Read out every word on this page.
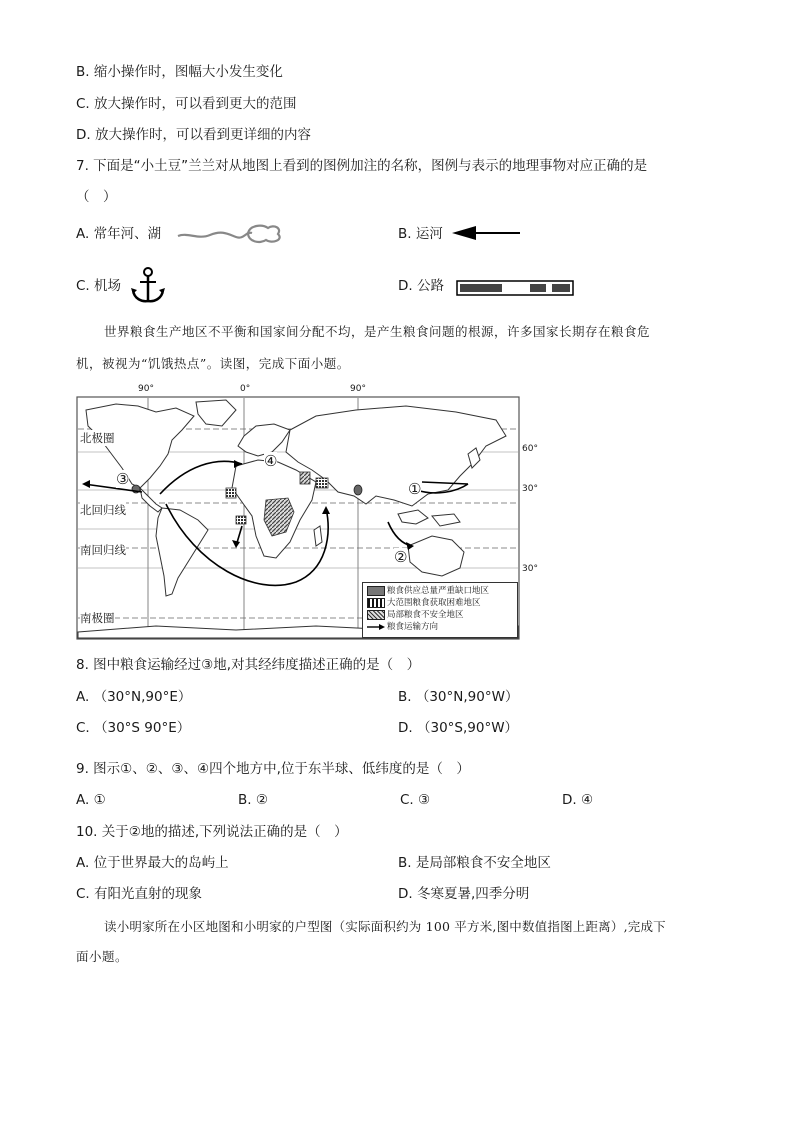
B. 缩小操作时，图幅大小发生变化
C. 放大操作时，可以看到更大的范围
D. 放大操作时，可以看到更详细的内容
7. 下面是“小土豆”兰兰对从地图上看到的图例加注的名称，图例与表示的地理事物对应正确的是
（　）
A. 常年河、湖	B. 运河
C. 机场	D. 公路
世界粮食生产地区不平衡和国家间分配不均，是产生粮食问题的根源，许多国家长期存在粮食危
机，被视为“饥饿热点”。读图，完成下面小题。
90°	0°	90°
60°
30°
30°
北极圈
北回归线
南回归线
南极圈
①
②
③
④
粮食供应总量严重缺口地区
大范围粮食获取困难地区
局部粮食不安全地区
粮食运输方向
8. 图中粮食运输经过③地,对其经纬度描述正确的是（　）
A. （30°N,90°E）	B. （30°N,90°W）
C. （30°S 90°E）	D. （30°S,90°W）
9. 图示①、②、③、④四个地方中,位于东半球、低纬度的是（　）
A. ①	B. ②	C. ③	D. ④
10. 关于②地的描述,下列说法正确的是（　）
A. 位于世界最大的岛屿上	B. 是局部粮食不安全地区
C. 有阳光直射的现象	D. 冬寒夏暑,四季分明
读小明家所在小区地图和小明家的户型图（实际面积约为 100 平方米,图中数值指图上距离）,完成下
面小题。
